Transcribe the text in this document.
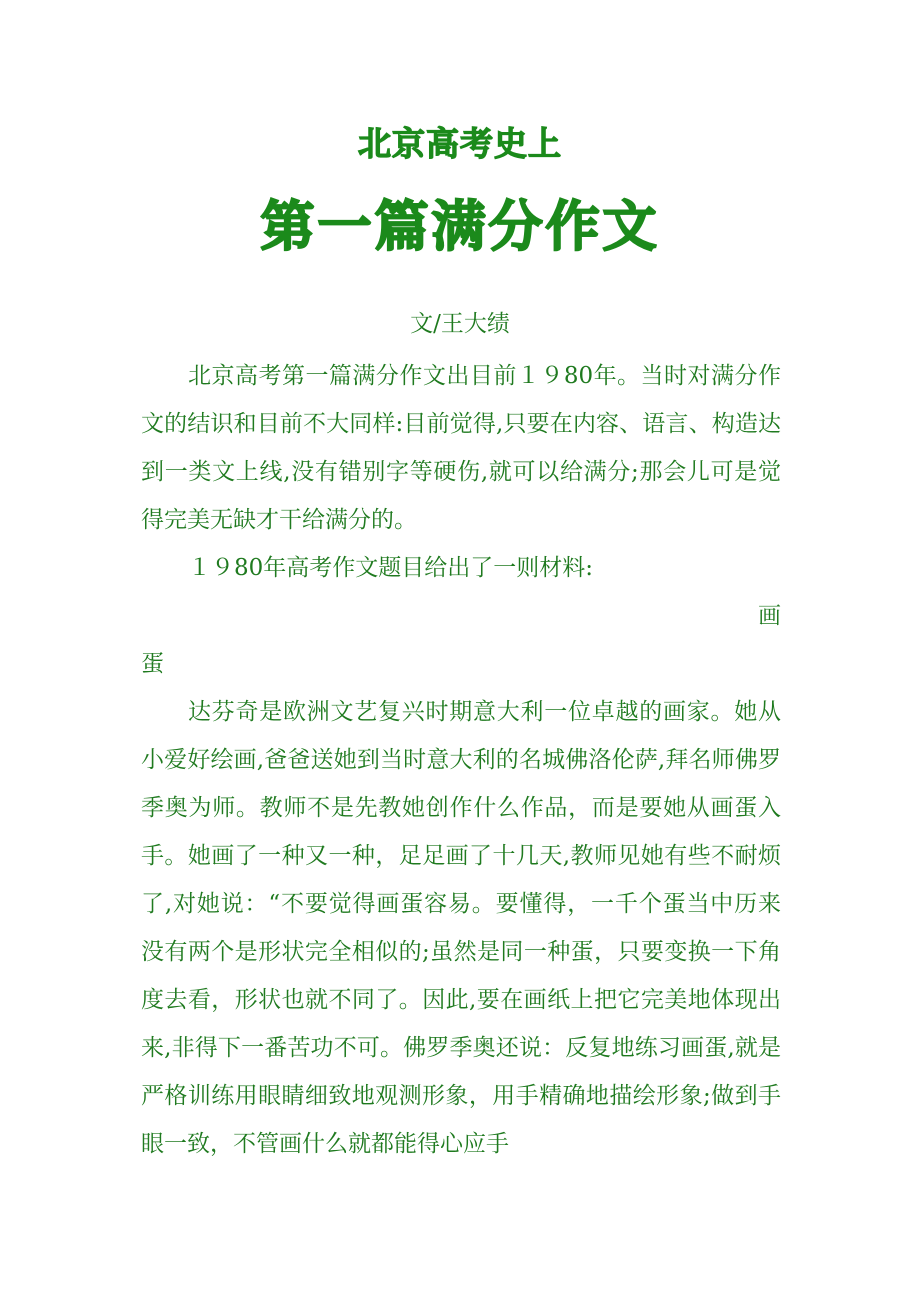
北京高考史上
第一篇满分作文
文/王大绩

北京高考第一篇满分作文出目前１９80年。当时对满分作文的结识和目前不大同样:目前觉得,只要在内容、语言、构造达到一类文上线,没有错别字等硬伤,就可以给满分;那会儿可是觉得完美无缺才干给满分的。

１９80年高考作文题目给出了一则材料:

画

蛋

达芬奇是欧洲文艺复兴时期意大利一位卓越的画家。她从小爱好绘画,爸爸送她到当时意大利的名城佛洛伦萨,拜名师佛罗季奥为师。教师不是先教她创作什么作品，而是要她从画蛋入手。她画了一种又一种，足足画了十几天,教师见她有些不耐烦了,对她说：“不要觉得画蛋容易。要懂得，一千个蛋当中历来没有两个是形状完全相似的;虽然是同一种蛋，只要变换一下角度去看，形状也就不同了。因此,要在画纸上把它完美地体现出来,非得下一番苦功不可。佛罗季奥还说：反复地练习画蛋,就是严格训练用眼睛细致地观测形象，用手精确地描绘形象;做到手眼一致，不管画什么就都能得心应手
